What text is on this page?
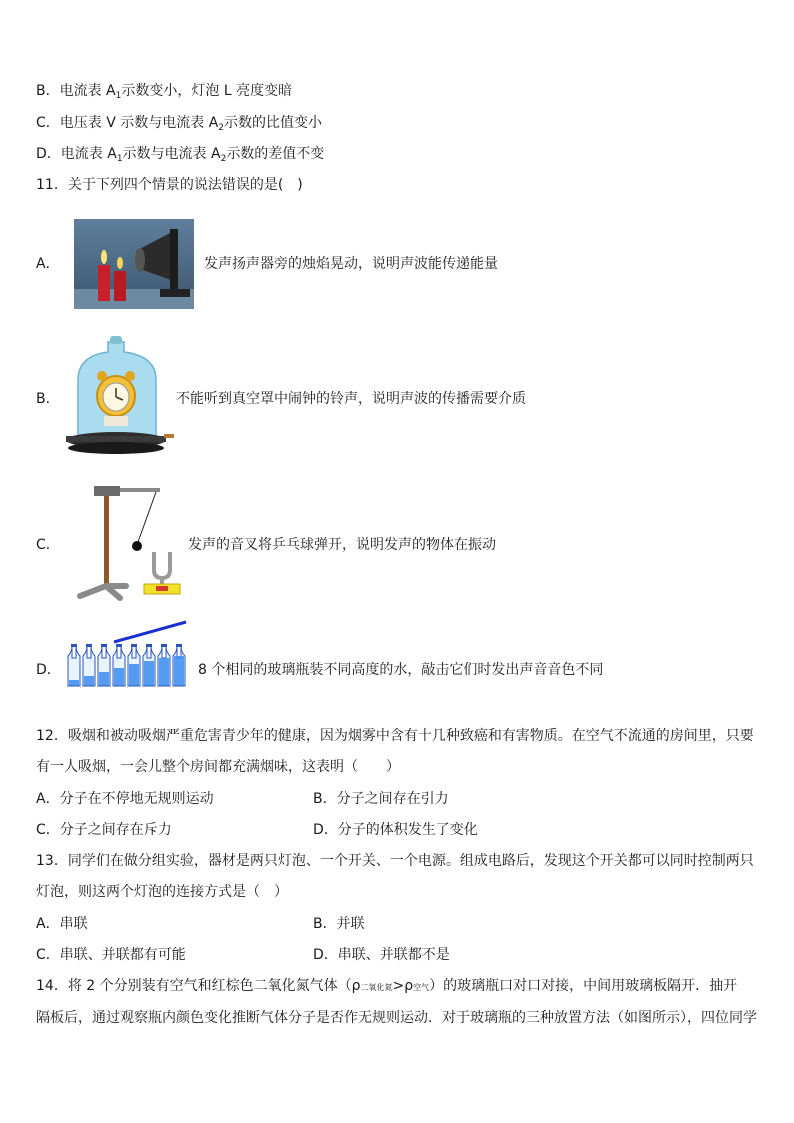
B．电流表 $A_1$示数变小，灯泡 L 亮度变暗
C．电压表 V 示数与电流表 $A_2$示数的比值变小
D．电流表 $A_1$示数与电流表 $A_2$示数的差值不变
11．关于下列四个情景的说法错误的是(　)
A．	发声扬声器旁的烛焰晃动，说明声波能传递能量
B．	不能听到真空罩中闹钟的铃声，说明声波的传播需要介质
C．	发声的音叉将乒乓球弹开，说明发声的物体在振动
D．	8 个相同的玻璃瓶装不同高度的水，敲击它们时发出声音音色不同
12．吸烟和被动吸烟严重危害青少年的健康，因为烟雾中含有十几种致癌和有害物质。在空气不流通的房间里，只要
有一人吸烟，一会儿整个房间都充满烟味，这表明（　　）
A．分子在不停地无规则运动	B．分子之间存在引力
C．分子之间存在斥力	D．分子的体积发生了变化
13．同学们在做分组实验，器材是两只灯泡、一个开关、一个电源。组成电路后，发现这个开关都可以同时控制两只
灯泡，则这两个灯泡的连接方式是（　）
A．串联	B．并联
C．串联、并联都有可能	D．串联、并联都不是
14．将 2 个分别装有空气和红棕色二氧化氮气体（ρ二氧化氮>ρ空气）的玻璃瓶口对口对接，中间用玻璃板隔开．抽开
隔板后，通过观察瓶内颜色变化推断气体分子是否作无规则运动．对于玻璃瓶的三种放置方法（如图所示），四位同学
